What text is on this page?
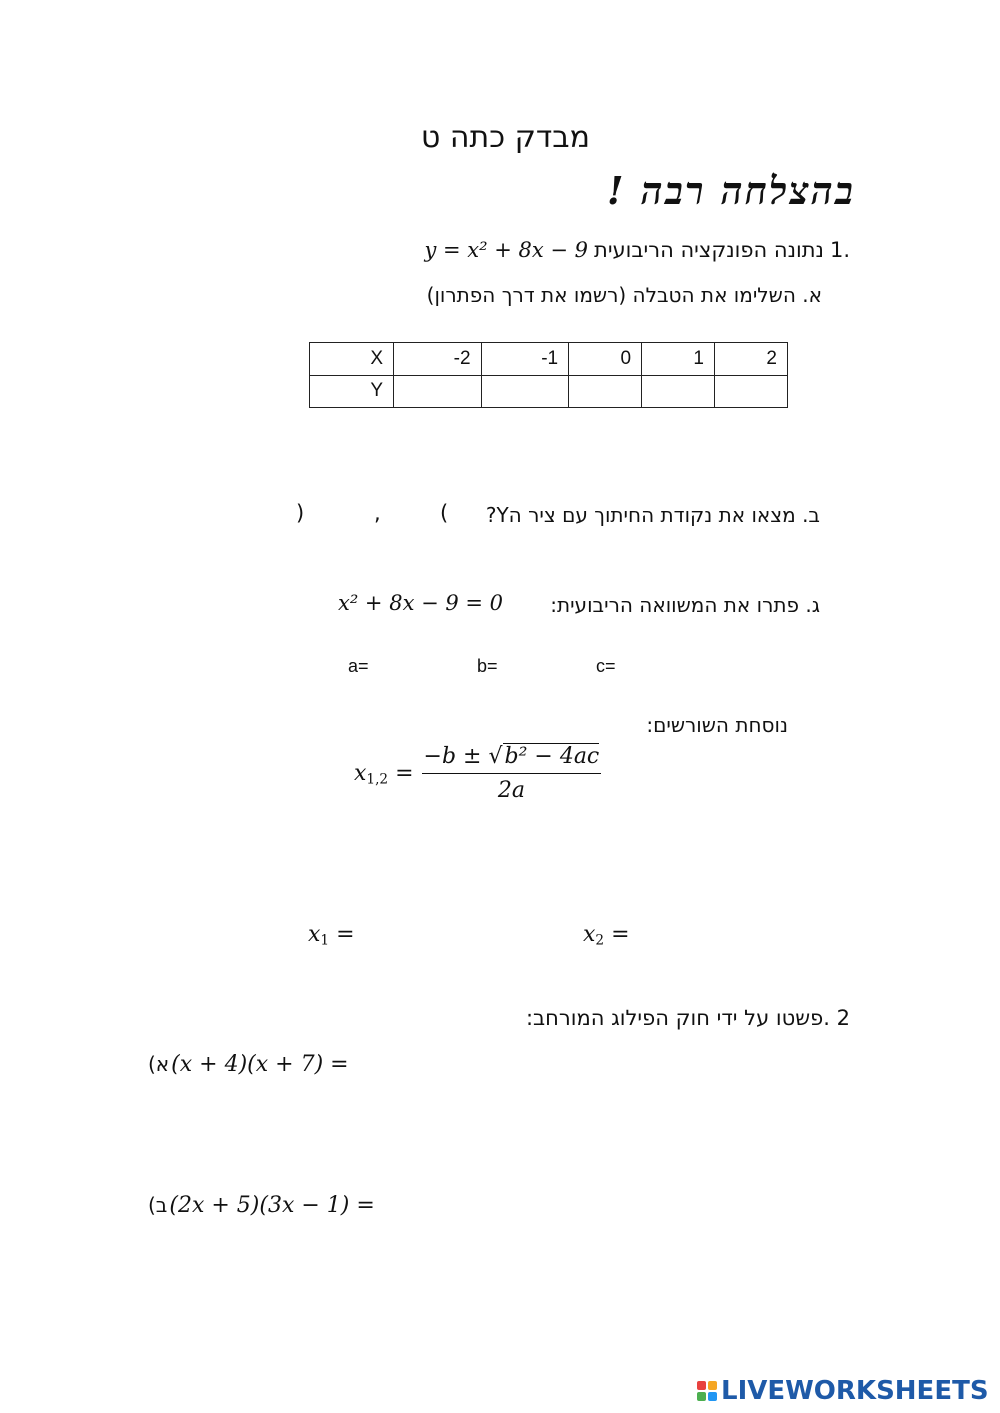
מבדק כתה ט
בהצלחה רבה !
1.
נתונה הפונקציה הריבועית
y = x² + 8x − 9
א. השלימו את הטבלה (רשמו את דרך הפתרון)
X	-2	-1	0	1	2
Y					
ב. מצאו את נקודת החיתוך עם ציר הY?
(
,
)
ג. פתרו את המשוואה הריבועית:
x² + 8x − 9 = 0
a=	b=	c=
נוסחת השורשים:
$x_{1,2} = \frac{\text{−b ± √b² − 4ac}}{2a}$
$x_1$ =	$x_2$ =
2 .פשטו על ידי חוק הפילוג המורחב:
א) (x + 4)(x + 7) =
ב) (2x + 5)(3x − 1) =
LIVEWORKSHEETS
